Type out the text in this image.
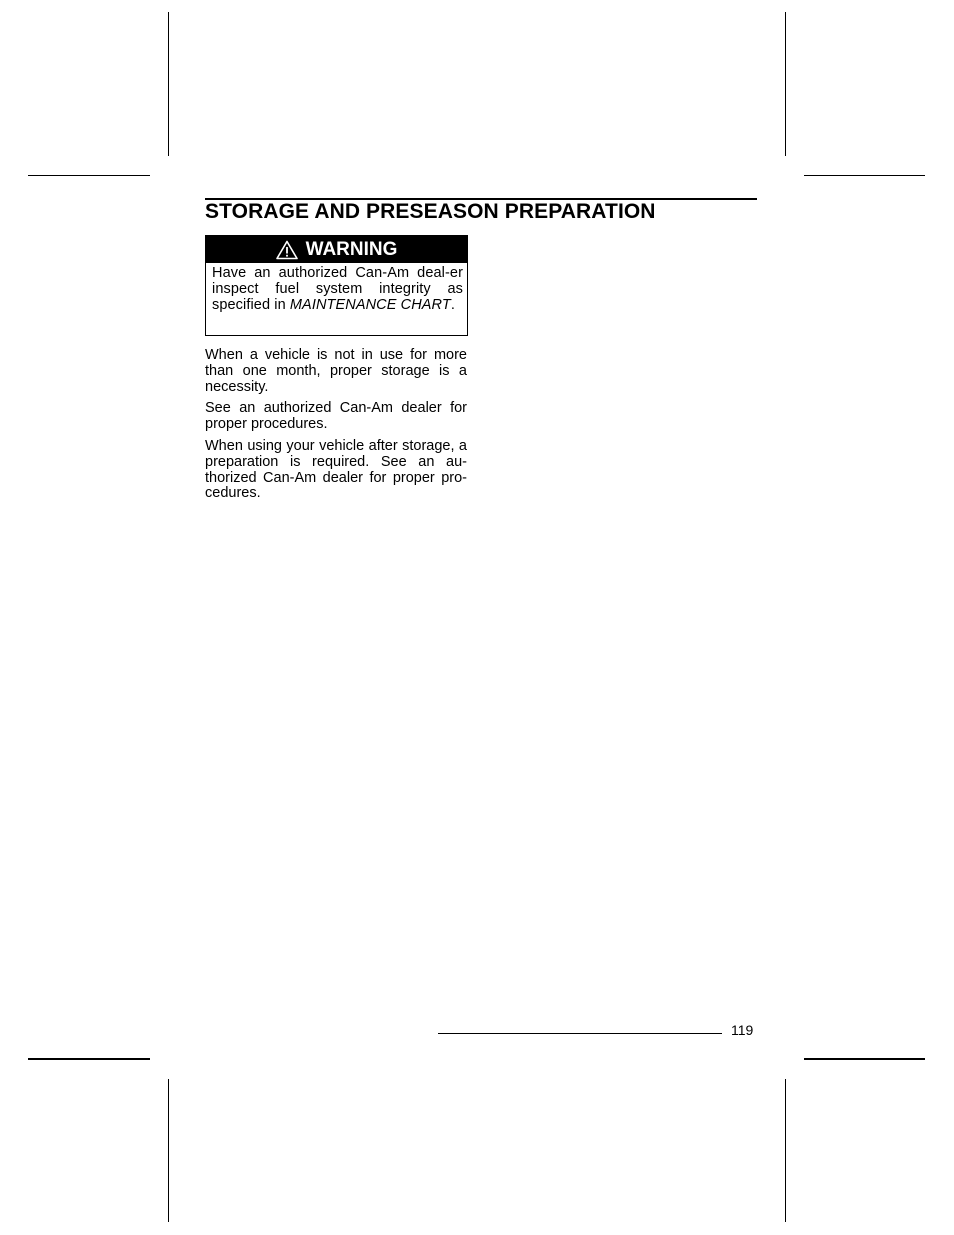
STORAGE AND PRESEASON PREPARATION
WARNING
Have an authorized Can-Am deal-er inspect fuel system integrity as specified in MAINTENANCE CHART.

When a vehicle is not in use for more than one month, proper storage is a necessity.

See an authorized Can-Am dealer for proper procedures.

When using your vehicle after storage, a preparation is required. See an au-thorized Can-Am dealer for proper pro-cedures.

119
